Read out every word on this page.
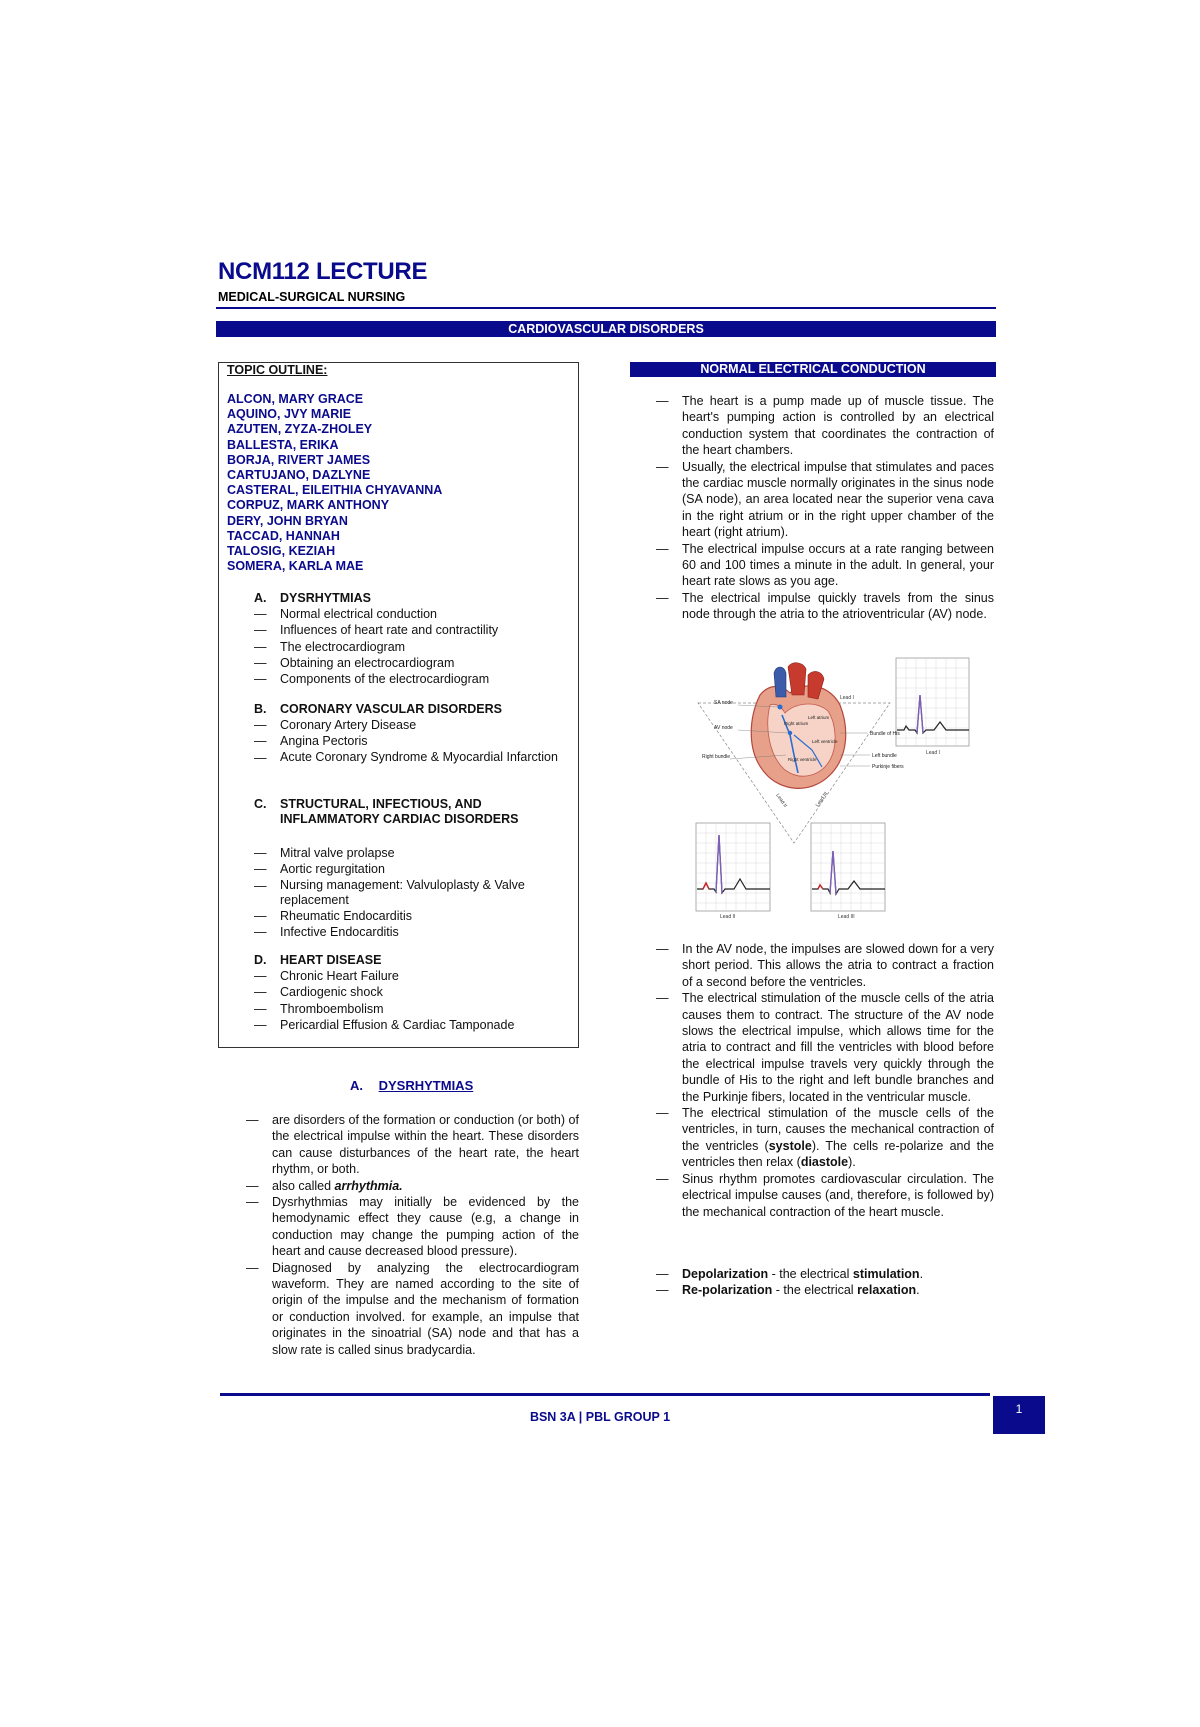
NCM112 LECTURE
MEDICAL-SURGICAL NURSING
CARDIOVASCULAR DISORDERS
TOPIC OUTLINE:
ALCON, MARY GRACE
AQUINO, JVY MARIE
AZUTEN, ZYZA-ZHOLEY
BALLESTA, ERIKA
BORJA, RIVERT JAMES
CARTUJANO, DAZLYNE
CASTERAL, EILEITHIA CHYAVANNA
CORPUZ, MARK ANTHONY
DERY, JOHN BRYAN
TACCAD, HANNAH
TALOSIG, KEZIAH
SOMERA, KARLA MAE
A.	DYSRHYTMIAS
—	Normal electrical conduction
—	Influences of heart rate and contractility
—	The electrocardiogram
—	Obtaining an electrocardiogram
—	Components of the electrocardiogram
B.	CORONARY VASCULAR DISORDERS
—	Coronary Artery Disease
—	Angina Pectoris
—	Acute Coronary Syndrome & Myocardial Infarction
C.	STRUCTURAL, INFECTIOUS, AND INFLAMMATORY CARDIAC DISORDERS
—	Mitral valve prolapse
—	Aortic regurgitation
—	Nursing management: Valvuloplasty & Valve replacement
—	Rheumatic Endocarditis
—	Infective Endocarditis
D.	HEART DISEASE
—	Chronic Heart Failure
—	Cardiogenic shock
—	Thromboembolism
—	Pericardial Effusion & Cardiac Tamponade
A. DYSRHYTMIAS
—	are disorders of the formation or conduction (or both) of the electrical impulse within the heart. These disorders can cause disturbances of the heart rate, the heart rhythm, or both.
—	also called arrhythmia.
—	Dysrhythmias may initially be evidenced by the hemodynamic effect they cause (e.g, a change in conduction may change the pumping action of the heart and cause decreased blood pressure).
—	Diagnosed by analyzing the electrocardiogram waveform. They are named according to the site of origin of the impulse and the mechanism of formation or conduction involved. for example, an impulse that originates in the sinoatrial (SA) node and that has a slow rate is called sinus bradycardia.
NORMAL ELECTRICAL CONDUCTION
—	The heart is a pump made up of muscle tissue. The heart's pumping action is controlled by an electrical conduction system that coordinates the contraction of the heart chambers.
—	Usually, the electrical impulse that stimulates and paces the cardiac muscle normally originates in the sinus node (SA node), an area located near the superior vena cava in the right atrium or in the right upper chamber of the heart (right atrium).
—	The electrical impulse occurs at a rate ranging between 60 and 100 times a minute in the adult. In general, your heart rate slows as you age.
—	The electrical impulse quickly travels from the sinus node through the atria to the atrioventricular (AV) node.
Lead I
Lead I
Lead II	Lead III
Right atrium
Left atrium
Left ventricle
Right ventricle
SA node
AV node
Right bundle
Bundle of His
Left bundle
Purkinje fibers
Lead II	Lead III
—	In the AV node, the impulses are slowed down for a very short period. This allows the atria to contract a fraction of a second before the ventricles.
—	The electrical stimulation of the muscle cells of the atria causes them to contract. The structure of the AV node slows the electrical impulse, which allows time for the atria to contract and fill the ventricles with blood before the electrical impulse travels very quickly through the bundle of His to the right and left bundle branches and the Purkinje fibers, located in the ventricular muscle.
—	The electrical stimulation of the muscle cells of the ventricles, in turn, causes the mechanical contraction of the ventricles (systole). The cells re-polarize and the ventricles then relax (diastole).
—	Sinus rhythm promotes cardiovascular circulation. The electrical impulse causes (and, therefore, is followed by) the mechanical contraction of the heart muscle.
—	Depolarization - the electrical stimulation.
—	Re-polarization - the electrical relaxation.
BSN 3A | PBL GROUP 1
1
